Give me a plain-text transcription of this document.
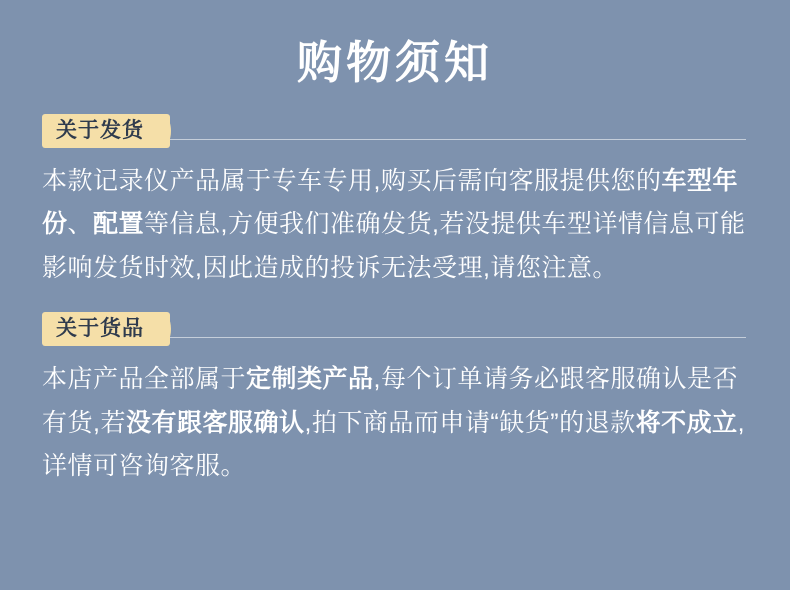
购物须知
关于发货
本款记录仪产品属于专车专用,购买后需向客服提供您的车型年份、配置等信息,方便我们准确发货,若没提供车型详情信息可能影响发货时效,因此造成的投诉无法受理,请您注意。
关于货品
本店产品全部属于定制类产品,每个订单请务必跟客服确认是否有货,若没有跟客服确认,拍下商品而申请“缺货”的退款将不成立,详情可咨询客服。
